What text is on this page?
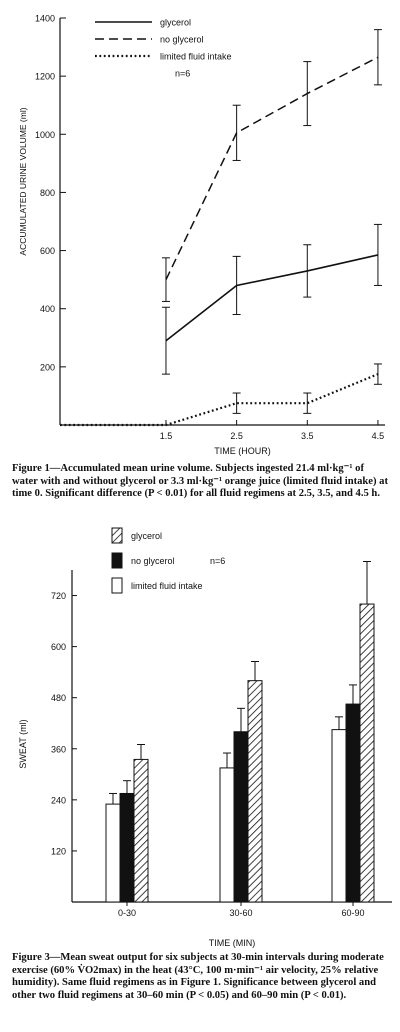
200
400
600
800
1000
1200
1400
1.5	2.5	3.5	4.5
TIME (HOUR)
ACCUMULATED URINE VOLUME (ml)
glycerol
no glycerol
limited fluid intake
n=6
Figure 1—Accumulated mean urine volume. Subjects ingested 21.4 ml·kg⁻¹ of water with and without glycerol or 3.3 ml·kg⁻¹ orange juice (limited fluid intake) at time 0. Significant difference (P < 0.01) for all fluid regimens at 2.5, 3.5, and 4.5 h.
120
240
360
480
600
720
0-30	30-60	60-90
TIME (MIN)
SWEAT (ml)
glycerol
no glycerol
limited fluid intake
n=6
Figure 3—Mean sweat output for six subjects at 30-min intervals during moderate exercise (60% V̇O2max) in the heat (43°C, 100 m·min⁻¹ air velocity, 25% relative humidity). Same fluid regimens as in Figure 1. Significance between glycerol and other two fluid regimens at 30–60 min (P < 0.05) and 60–90 min (P < 0.01).
